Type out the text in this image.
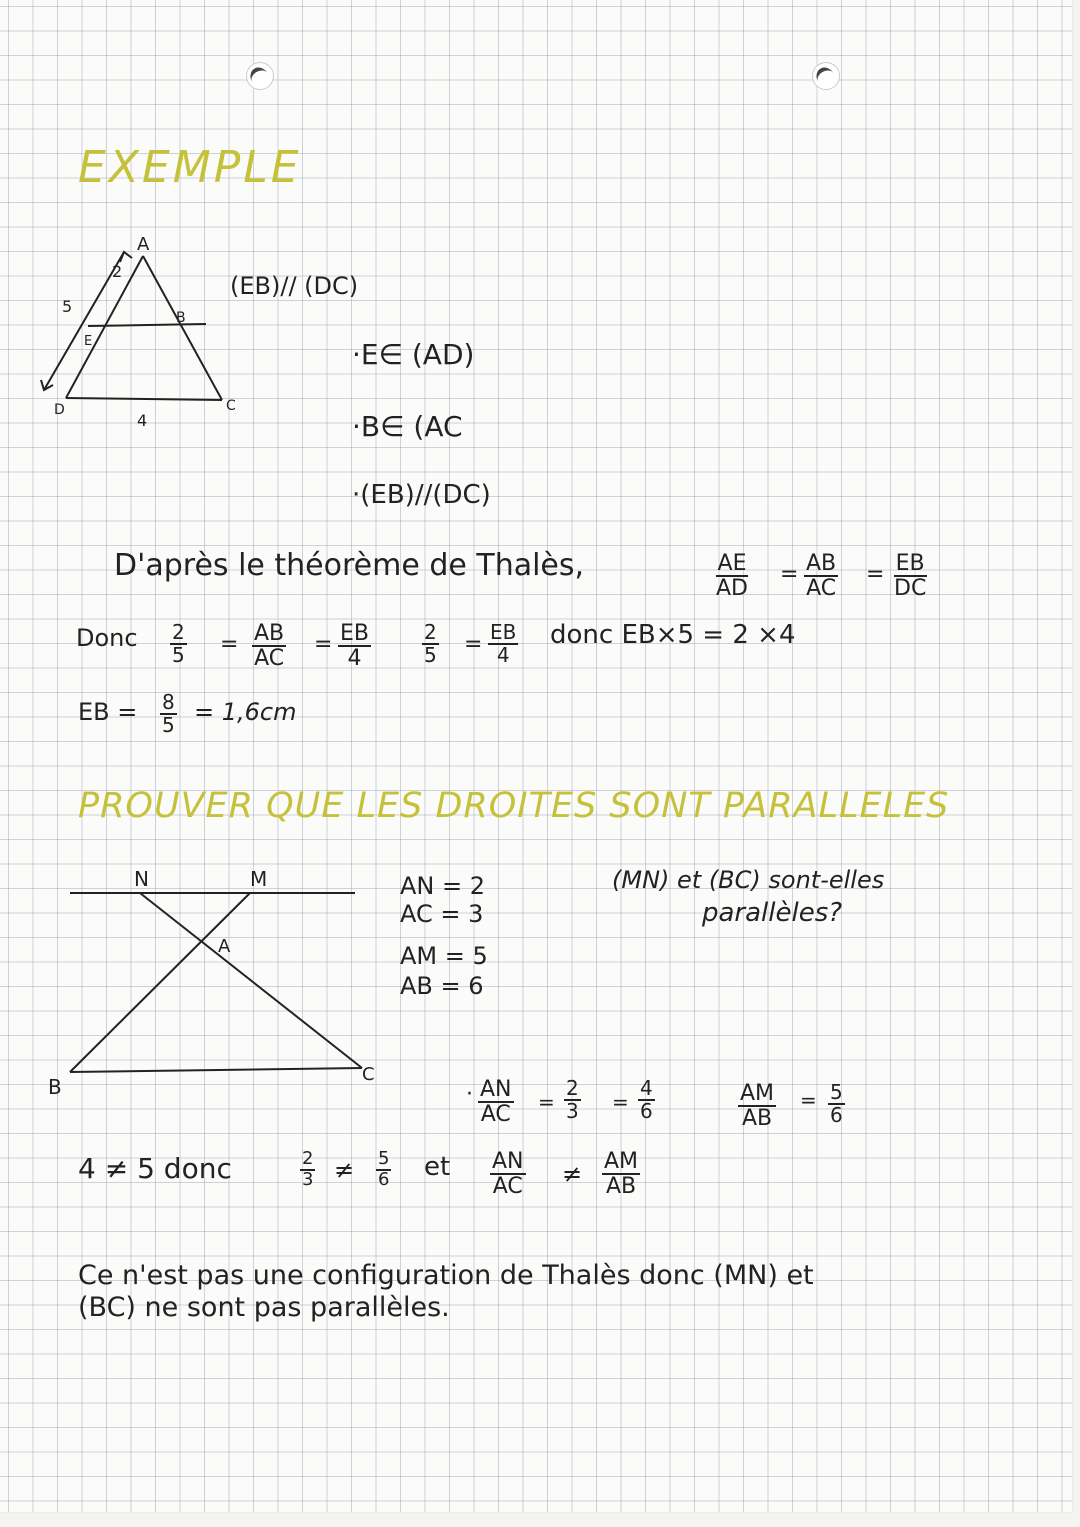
EXEMPLE
A
B
C
D
E
2
5
4
(EB)// (DC)
·E∈ (AD)
·B∈ (AC
·(EB)//(DC)
D'après le théorème de Thalès,	$\frac{AE}{AD} = \frac{AB}{AC} = \frac{EB}{DC}$
Donc $\frac{2}{5} = \frac{AB}{AC} = \frac{EB}{4}$	$\frac{2}{5} = \frac{EB}{4}$ donc EB×5 = 2 ×4
EB = $\frac{8}{5} = 1,6cm$
PROUVER QUE LES DROITES SONT PARALLELES
N	M
A
B
C
AN = 2
AC = 3
AM = 5
AB = 6
(MN) et (BC) sont-elles
parallèles?
· $\frac{AN}{AC} = \frac{2}{3} = \frac{4}{6}$	$\frac{AM}{AB} = \frac{5}{6}$
4 ≠ 5 donc	$\frac{2}{3} \ne \frac{5}{6}$ et $\frac{AN}{AC} \ne \frac{AM}{AB}$
Ce n'est pas une configuration de Thalès donc (MN) et
(BC) ne sont pas parallèles.
